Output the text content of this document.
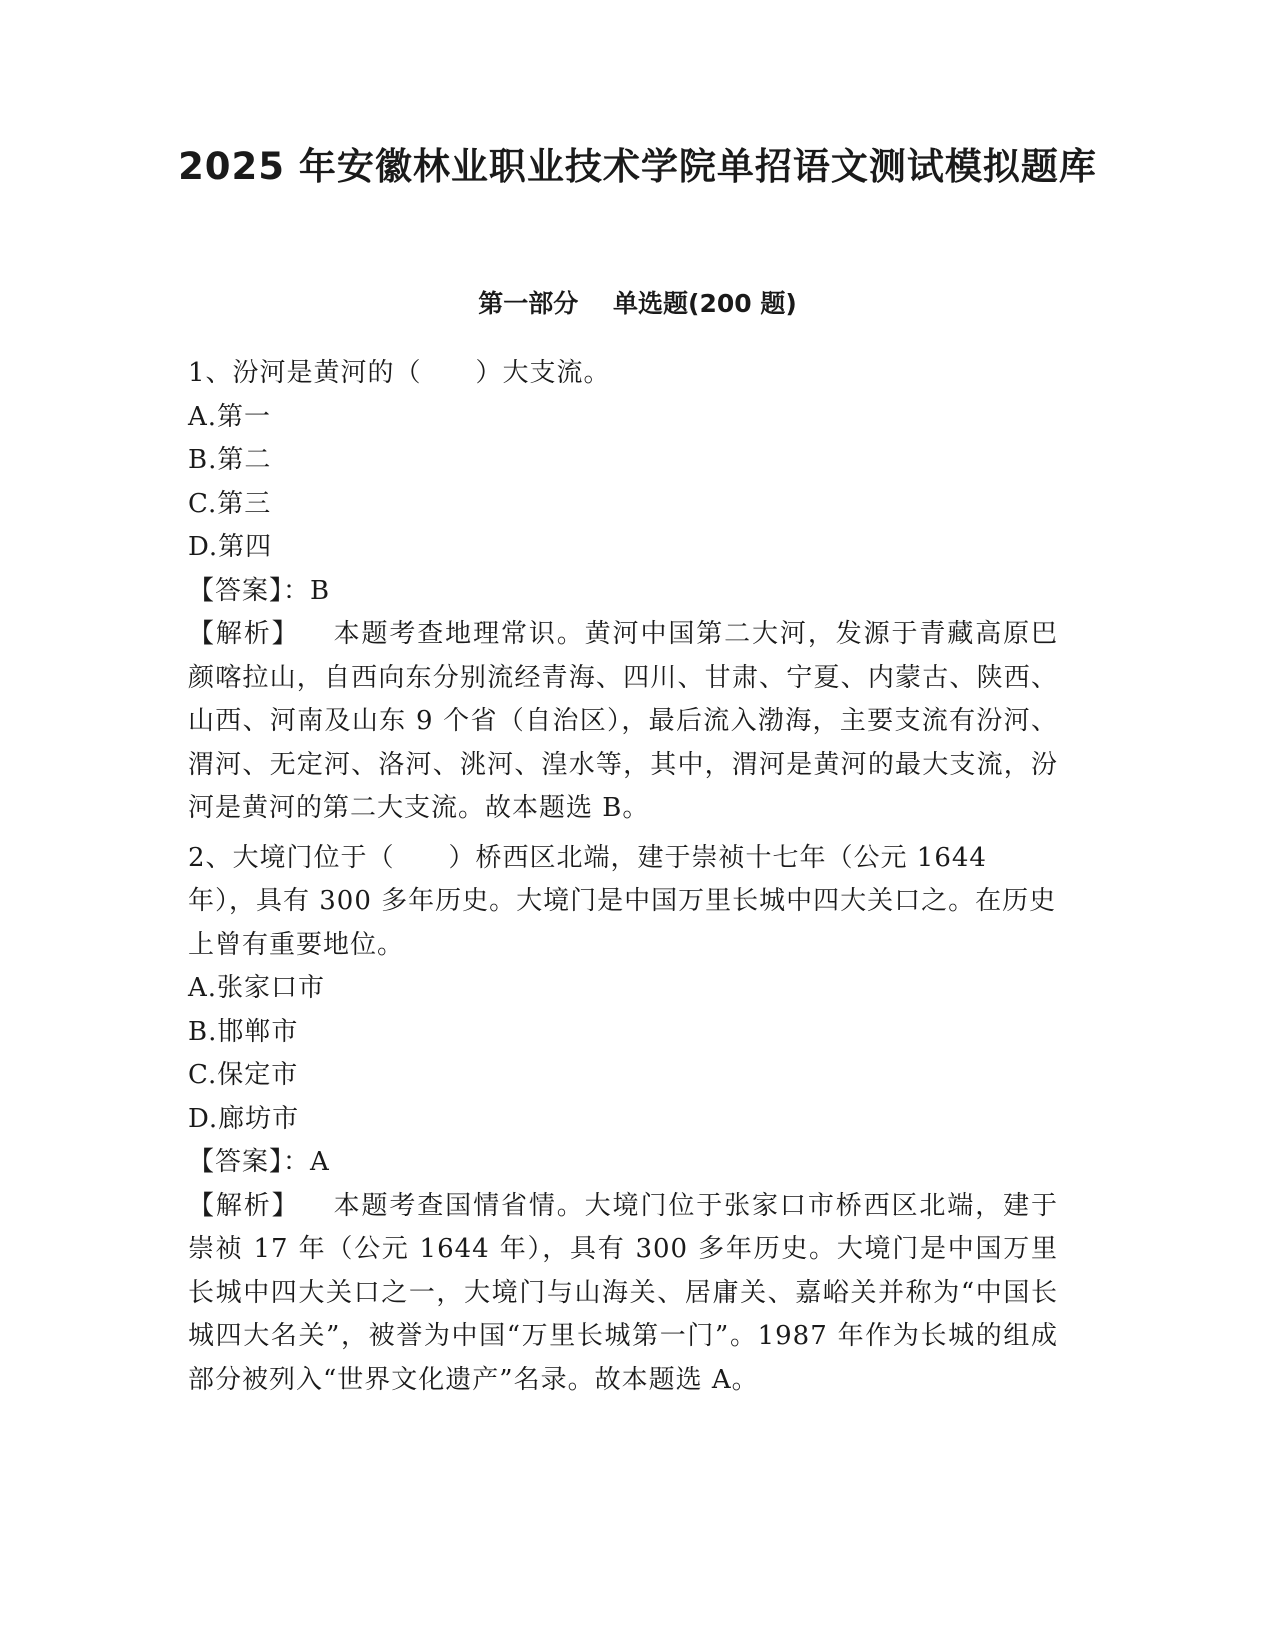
2025 年安徽林业职业技术学院单招语文测试模拟题库
第一部分    单选题(200 题)

1、汾河是黄河的（　　）大支流。

A.第一

B.第二

C.第三

D.第四

【答案】：B

【解析】 本题考查地理常识。黄河中国第二大河，发源于青藏高原巴颜喀拉山，自西向东分别流经青海、四川、甘肃、宁夏、内蒙古、陕西、山西、河南及山东 9 个省（自治区），最后流入渤海，主要支流有汾河、渭河、无定河、洛河、洮河、湟水等，其中，渭河是黄河的最大支流，汾河是黄河的第二大支流。故本题选 B。

2、大境门位于（　　）桥西区北端，建于崇祯十七年（公元 1644 年），具有 300 多年历史。大境门是中国万里长城中四大关口之。在历史上曾有重要地位。

A.张家口市

B.邯郸市

C.保定市

D.廊坊市

【答案】：A

【解析】 本题考查国情省情。大境门位于张家口市桥西区北端，建于崇祯 17 年（公元 1644 年），具有 300 多年历史。大境门是中国万里长城中四大关口之一，大境门与山海关、居庸关、嘉峪关并称为“中国长城四大名关”，被誉为中国“万里长城第一门”。1987 年作为长城的组成部分被列入“世界文化遗产”名录。故本题选 A。
